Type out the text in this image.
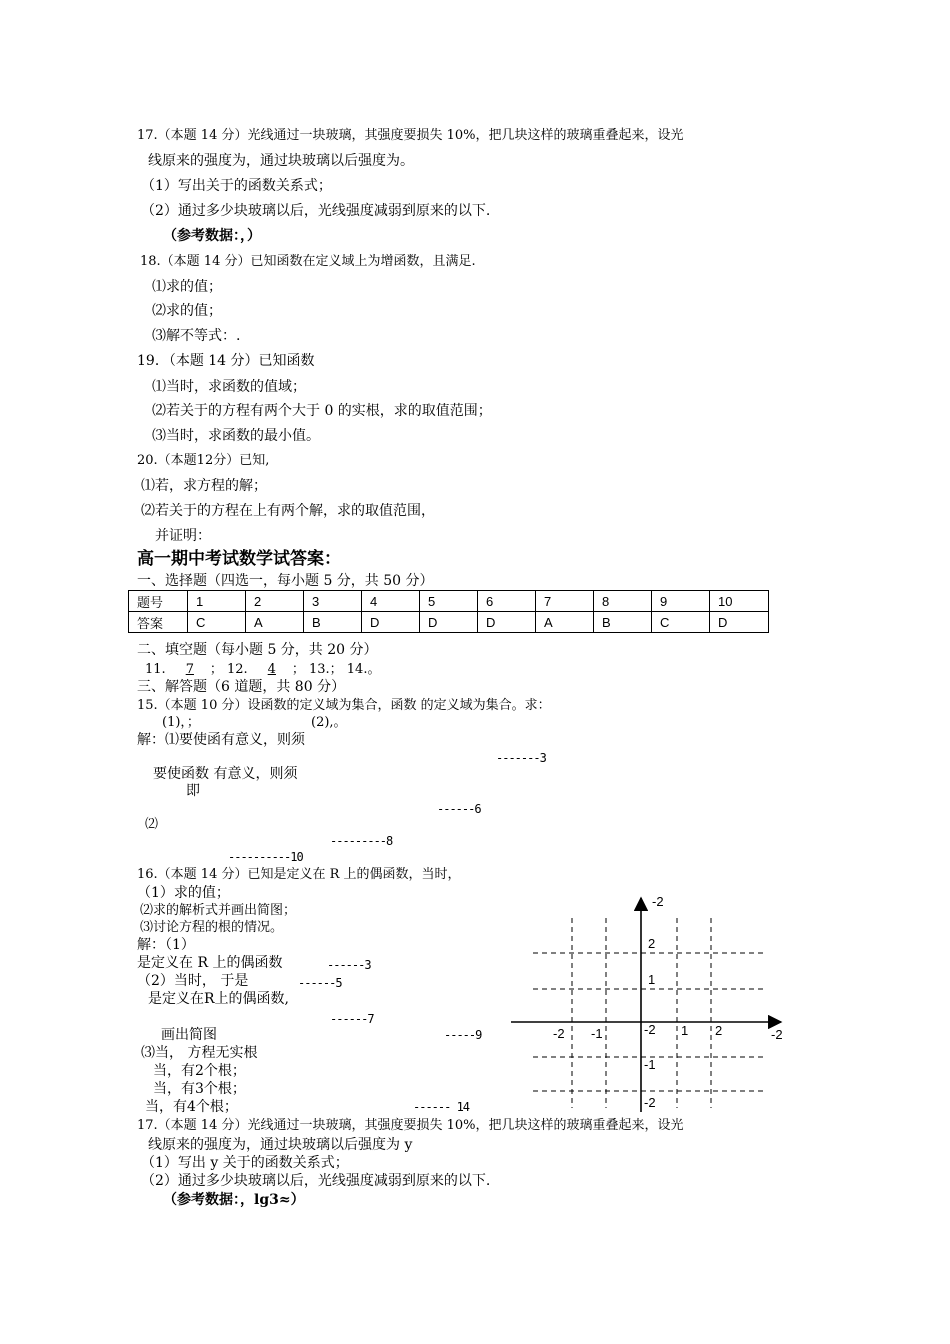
17.（本题 14 分）光线通过一块玻璃，其强度要损失 10%，把几块这样的玻璃重叠起来，设光
线原来的强度为，通过块玻璃以后强度为。
（1）写出关于的函数关系式；
（2）通过多少块玻璃以后，光线强度减弱到原来的以下.
（参考数据：，）
18.（本题 14 分）已知函数在定义域上为增函数，且满足.
⑴求的值；
⑵求的值；
⑶解不等式：.
19．（本题 14 分）已知函数
⑴当时，求函数的值域；
⑵若关于的方程有两个大于 0 的实根，求的取值范围；
⑶当时，求函数的最小值。
20.（本题12分）已知,
⑴若，求方程的解；
⑵若关于的方程在上有两个解，求的取值范围，
并证明：
高一期中考试数学试答案：
一、选择题（四选一，每小题 5 分，共 50 分）
题号	1	2	3	4	5	6	7	8	9	10
答案	C	A	B	D	D	D	A	B	C	D
二、填空题（每小题 5 分，共 20 分）
11. 7 ； 12. 4 ； 13.； 14.。
三、解答题（6 道题，共 80 分）
15.（本题 10 分）设函数的定义域为集合，函数 的定义域为集合。求：
(1)，；	(2),。
解：⑴要使函有意义，则须
-------3
要使函数 有意义，则须
即
------6
⑵
---------8
----------10
16.（本题 14 分）已知是定义在 R 上的偶函数，当时，
（1）求的值；
⑵求的解析式并画出简图；
⑶讨论方程的根的情况。
解：（1）
是定义在 R 上的偶函数	------3
（2）当时， 于是	------5
是定义在R上的偶函数,
------7
画出简图	-----9
⑶当， 方程无实根
当，有2个根；
当，有3个根；
当，有4个根；	------ 14
-2
-2
2
1
-2
-1
-2
-2 -1	1 2
17.（本题 14 分）光线通过一块玻璃，其强度要损失 10%，把几块这样的玻璃重叠起来，设光
线原来的强度为，通过块玻璃以后强度为 y
（1）写出 y 关于的函数关系式；
（2）通过多少块玻璃以后，光线强度减弱到原来的以下.
（参考数据：，lg3≈）
